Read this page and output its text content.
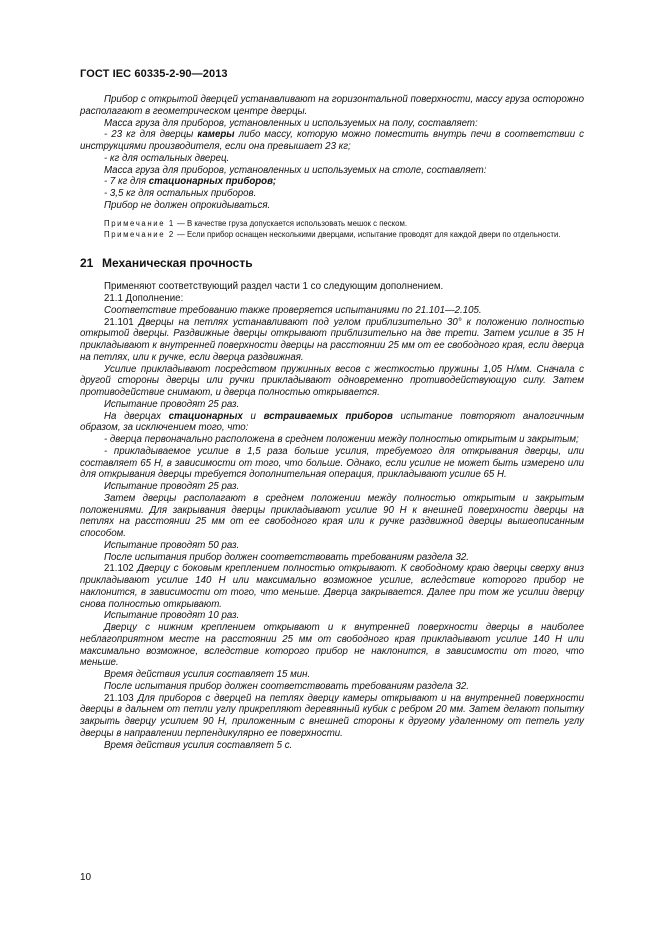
ГОСТ IEC 60335-2-90—2013

Прибор с открытой дверцей устанавливают на горизонтальной поверхности, массу груза осторожно располагают в геометрическом центре дверцы.

Масса груза для приборов, установленных и используемых на полу, составляет:

- 23 кг для дверцы камеры либо массу, которую можно поместить внутрь печи в соответствии с инструкциями производителя, если она превышает 23 кг;

- кг для остальных дверец.

Масса груза для приборов, установленных и используемых на столе, составляет:

- 7 кг для стационарных приборов;

- 3,5 кг для остальных приборов.

Прибор не должен опрокидываться.

Примечание 1 — В качестве груза допускается использовать мешок с песком.

Примечание 2 — Если прибор оснащен несколькими дверцами, испытание проводят для каждой двери по отдельности.

21 Механическая прочность

Применяют соответствующий раздел части 1 со следующим дополнением.

21.1 Дополнение:

Соответствие требованию также проверяется испытаниями по 21.101—2.105.

21.101 Дверцы на петлях устанавливают под углом приблизительно 30° к положению полностью открытой дверцы. Раздвижные дверцы открывают приблизительно на две трети. Затем усилие в 35 Н прикладывают к внутренней поверхности дверцы на расстоянии 25 мм от ее свободного края, если дверца на петлях, или к ручке, если дверца раздвижная.

Усилие прикладывают посредством пружинных весов с жесткостью пружины 1,05 Н/мм. Сначала с другой стороны дверцы или ручки прикладывают одновременно противодействующую силу. Затем противодействие снимают, и дверца полностью открывается.

Испытание проводят 25 раз.

На дверцах стационарных и встраиваемых приборов испытание повторяют аналогичным образом, за исключением того, что:

- дверца первоначально расположена в среднем положении между полностью открытым и закрытым;

- прикладываемое усилие в 1,5 раза больше усилия, требуемого для открывания дверцы, или составляет 65 Н, в зависимости от того, что больше. Однако, если усилие не может быть измерено или для открывания дверцы требуется дополнительная операция, прикладывают усилие 65 Н.

Испытание проводят 25 раз.

Затем дверцы располагают в среднем положении между полностью открытым и закрытым положениями. Для закрывания дверцы прикладывают усилие 90 Н к внешней поверхности дверцы на петлях на расстоянии 25 мм от ее свободного края или к ручке раздвижной дверцы вышеописанным способом.

Испытание проводят 50 раз.

После испытания прибор должен соответствовать требованиям раздела 32.

21.102 Дверцу с боковым креплением полностью открывают. К свободному краю дверцы сверху вниз прикладывают усилие 140 Н или максимально возможное усилие, вследствие которого прибор не наклонится, в зависимости от того, что меньше. Дверца закрывается. Далее при том же усилии дверцу снова полностью открывают.

Испытание проводят 10 раз.

Дверцу с нижним креплением открывают и к внутренней поверхности дверцы в наиболее неблагоприятном месте на расстоянии 25 мм от свободного края прикладывают усилие 140 Н или максимально возможное, вследствие которого прибор не наклонится, в зависимости от того, что меньше.

Время действия усилия составляет 15 мин.

После испытания прибор должен соответствовать требованиям раздела 32.

21.103 Для приборов с дверцей на петлях дверцу камеры открывают и на внутренней поверхности дверцы в дальнем от петли углу прикрепляют деревянный кубик с ребром 20 мм. Затем делают попытку закрыть дверцу усилием 90 Н, приложенным с внешней стороны к другому удаленному от петель углу дверцы в направлении перпендикулярно ее поверхности.

Время действия усилия составляет 5 с.

10
